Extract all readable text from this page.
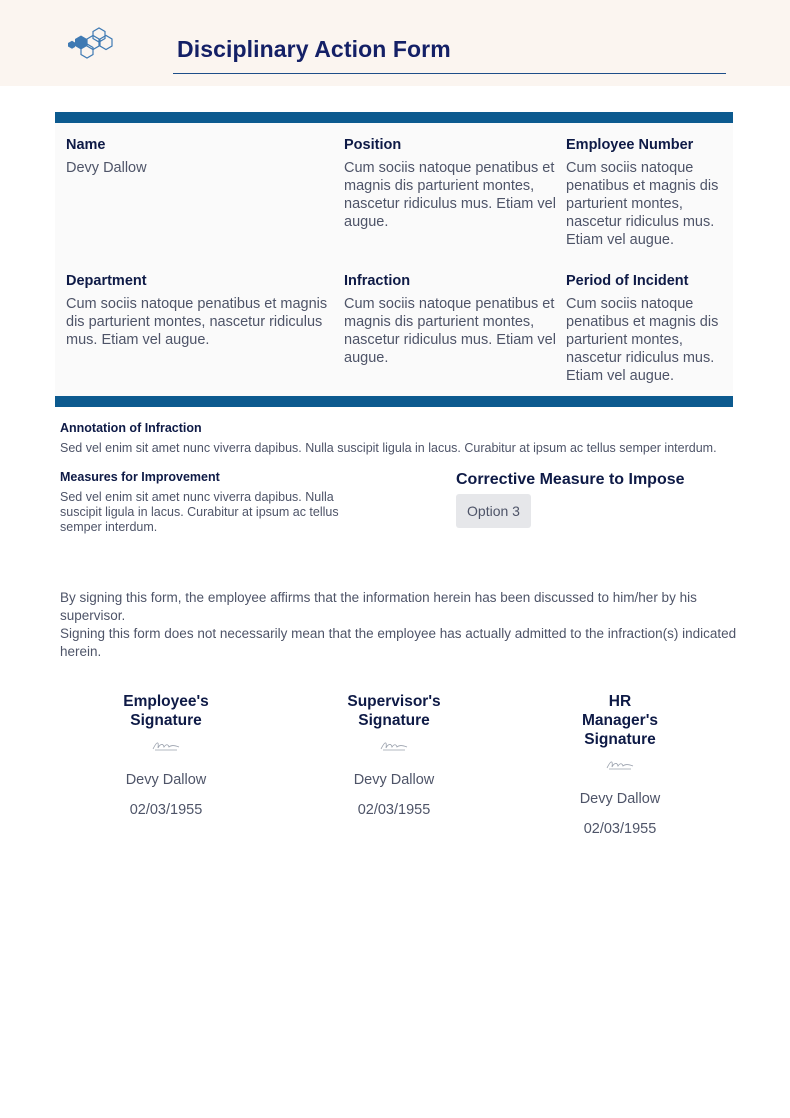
Disciplinary Action Form
Name
Devy Dallow
Position
Cum sociis natoque penatibus et magnis dis parturient montes, nascetur ridiculus mus. Etiam vel augue.
Employee Number
Cum sociis natoque penatibus et magnis dis parturient montes, nascetur ridiculus mus. Etiam vel augue.
Department
Cum sociis natoque penatibus et magnis dis parturient montes, nascetur ridiculus mus. Etiam vel augue.
Infraction
Cum sociis natoque penatibus et magnis dis parturient montes, nascetur ridiculus mus. Etiam vel augue.
Period of Incident
Cum sociis natoque penatibus et magnis dis parturient montes, nascetur ridiculus mus. Etiam vel augue.
Annotation of Infraction
Sed vel enim sit amet nunc viverra dapibus. Nulla suscipit ligula in lacus. Curabitur at ipsum ac tellus semper interdum.
Measures for Improvement
Sed vel enim sit amet nunc viverra dapibus. Nulla suscipit ligula in lacus. Curabitur at ipsum ac tellus semper interdum.
Corrective Measure to Impose
Option 3

By signing this form, the employee affirms that the information herein has been discussed to him/her by his supervisor.

Signing this form does not necessarily mean that the employee has actually admitted to the infraction(s) indicated herein.

Employee's Signature
Devy Dallow
02/03/1955
Supervisor's Signature
Devy Dallow
02/03/1955
HR Manager's Signature
Devy Dallow
02/03/1955
